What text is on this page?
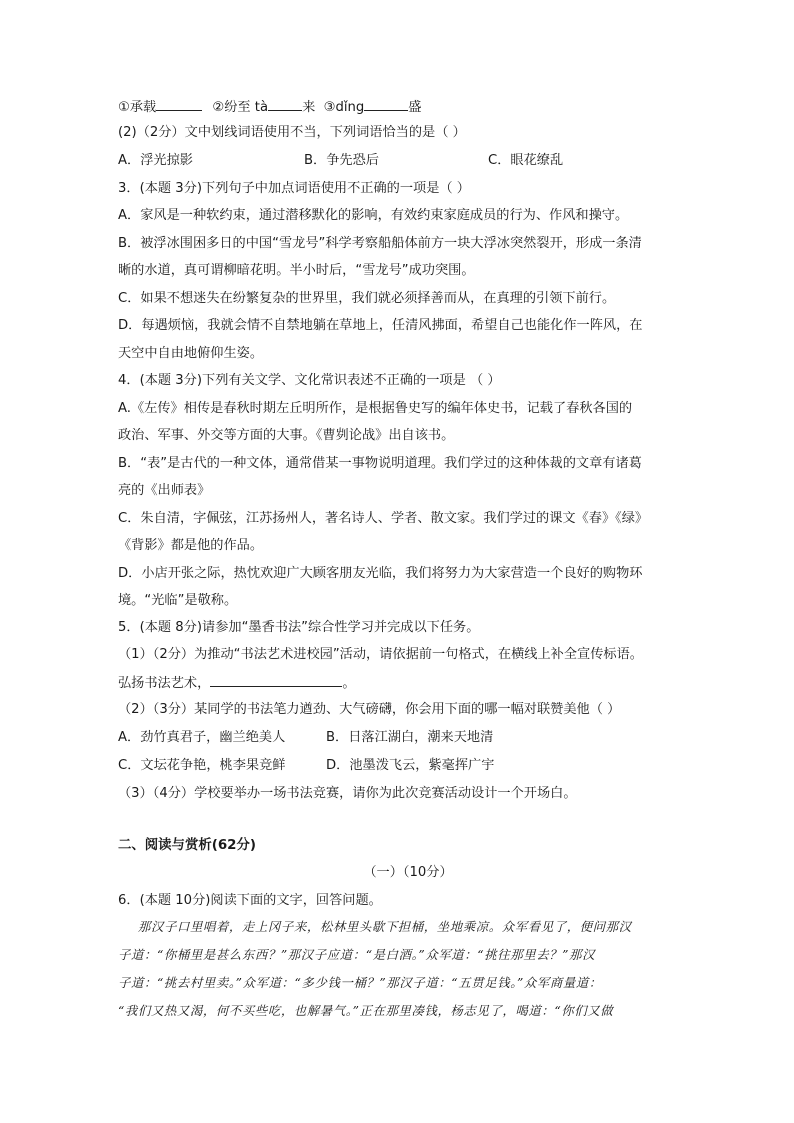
①承载	②纷至 tà	来 ③dǐng	盛
(2)（2分）文中划线词语使用不当，下列词语恰当的是（ ）
A．浮光掠影	B．争先恐后	C．眼花缭乱
3．(本题 3分)下列句子中加点词语使用不正确的一项是（ ）
A．家风是一种软约束，通过潜移默化的影响，有效约束家庭成员的行为、作风和操守。
B．被浮冰围困多日的中国“雪龙号”科学考察船船体前方一块大浮冰突然裂开，形成一条清
晰的水道，真可谓柳暗花明。半小时后，“雪龙号”成功突围。
C．如果不想迷失在纷繁复杂的世界里，我们就必须择善而从，在真理的引领下前行。
D．每遇烦恼，我就会情不自禁地躺在草地上，任清风拂面，希望自己也能化作一阵风，在
天空中自由地俯仰生姿。
4．(本题 3分)下列有关文学、文化常识表述不正确的一项是 （ ）
A.《左传》相传是春秋时期左丘明所作，是根据鲁史写的编年体史书，记载了春秋各国的
政治、军事、外交等方面的大事。《曹刿论战》出自该书。
B．“表”是古代的一种文体，通常借某一事物说明道理。我们学过的这种体裁的文章有诸葛
亮的《出师表》
C．朱自清，字佩弦，江苏扬州人，著名诗人、学者、散文家。我们学过的课文《春》《绿》
《背影》都是他的作品。
D．小店开张之际，热忱欢迎广大顾客朋友光临，我们将努力为大家营造一个良好的购物环
境。“光临”是敬称。
5．(本题 8分)请参加“墨香书法”综合性学习并完成以下任务。
（1）（2分）为推动“书法艺术进校园”活动，请依据前一句格式，在横线上补全宣传标语。
弘扬书法艺术，	。
（2）（3分）某同学的书法笔力遒劲、大气磅礴，你会用下面的哪一幅对联赞美他（ ）
A．劲竹真君子，幽兰绝美人	B．日落江湖白，潮来天地清
C．文坛花争艳，桃李果竞鲜	D．池墨泼飞云，紫毫挥广宇
（3）（4分）学校要举办一场书法竞赛，请你为此次竞赛活动设计一个开场白。
二、阅读与赏析(62分)
（一）（10分）
6．(本题 10分)阅读下面的文字，回答问题。
那汉子口里唱着，走上冈子来，松林里头歇下担桶，坐地乘凉。众军看见了，便问那汉
子道：“你桶里是甚么东西？”那汉子应道：“是白酒。”众军道：“挑往那里去？”那汉
子道：“挑去村里卖。”众军道：“多少钱一桶？”那汉子道：“五贯足钱。”众军商量道：
“我们又热又渴，何不买些吃，也解暑气。”正在那里凑钱，杨志见了，喝道：“你们又做
